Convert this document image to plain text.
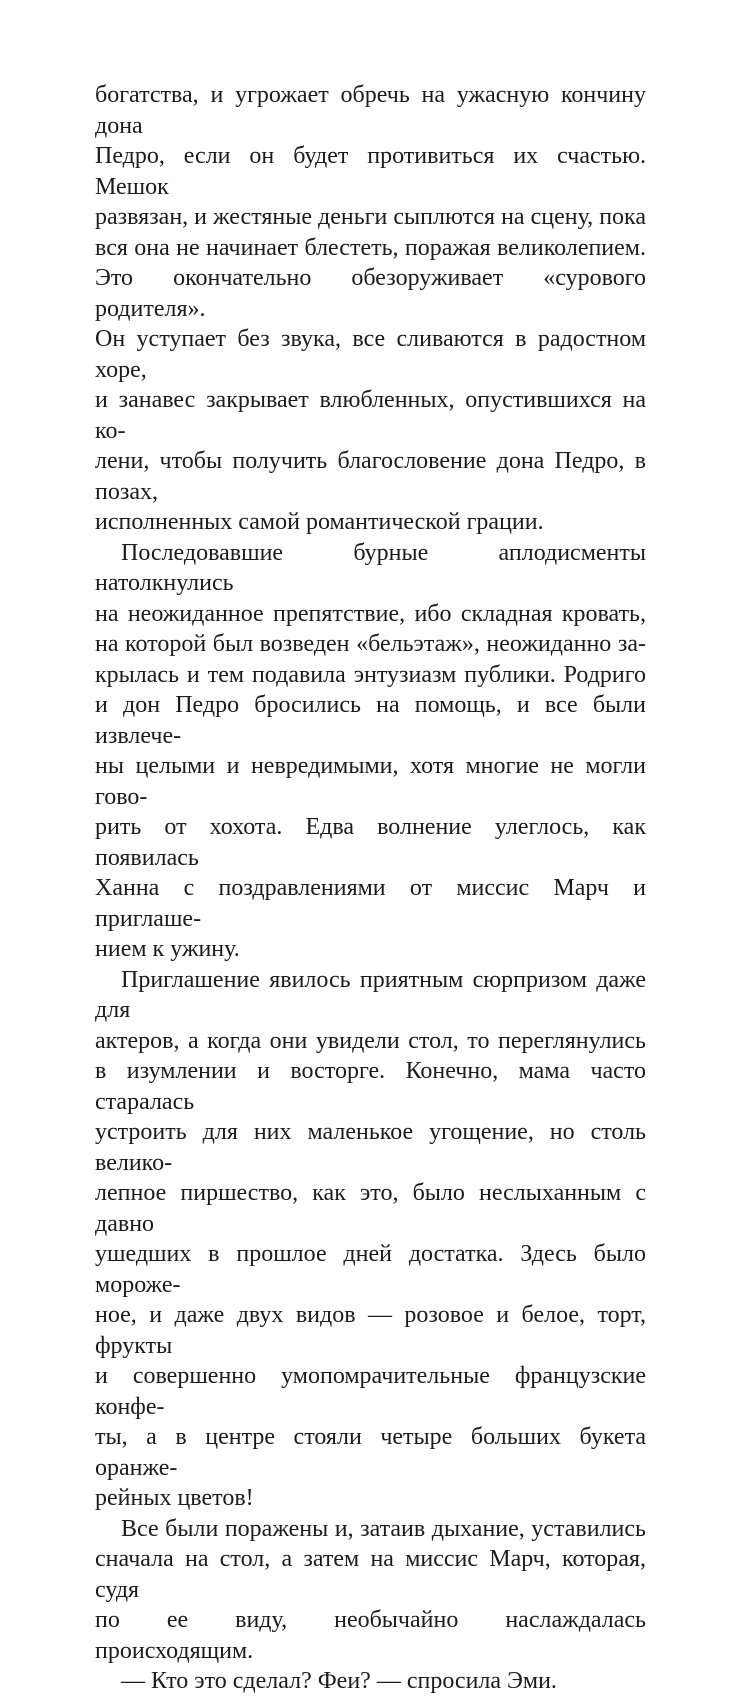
богатства, и угрожает обречь на ужасную кончину дона
Педро, если он будет противиться их счастью. Мешок
развязан, и жестяные деньги сыплются на сцену, пока
вся она не начинает блестеть, поражая великолепием.
Это окончательно обезоруживает «сурового родителя».
Он уступает без звука, все сливаются в радостном хоре,
и занавес закрывает влюбленных, опустившихся на ко-
лени, чтобы получить благословение дона Педро, в позах,
исполненных самой романтической грации.
Последовавшие бурные аплодисменты натолкнулись
на неожиданное препятствие, ибо складная кровать,
на которой был возведен «бельэтаж», неожиданно за-
крылась и тем подавила энтузиазм публики. Родриго
и дон Педро бросились на помощь, и все были извлече-
ны целыми и невредимыми, хотя многие не могли гово-
рить от хохота. Едва волнение улеглось, как появилась
Ханна с поздравлениями от миссис Марч и приглаше-
нием к ужину.
Приглашение явилось приятным сюрпризом даже для
актеров, а когда они увидели стол, то переглянулись
в изумлении и восторге. Конечно, мама часто старалась
устроить для них маленькое угощение, но столь велико-
лепное пиршество, как это, было неслыханным с давно
ушедших в прошлое дней достатка. Здесь было мороже-
ное, и даже двух видов — розовое и белое, торт, фрукты
и совершенно умопомрачительные французские конфе-
ты, а в центре стояли четыре больших букета оранже-
рейных цветов!
Все были поражены и, затаив дыхание, уставились
сначала на стол, а затем на миссис Марч, которая, судя
по ее виду, необычайно наслаждалась происходящим.
— Кто это сделал? Феи? — спросила Эми.
